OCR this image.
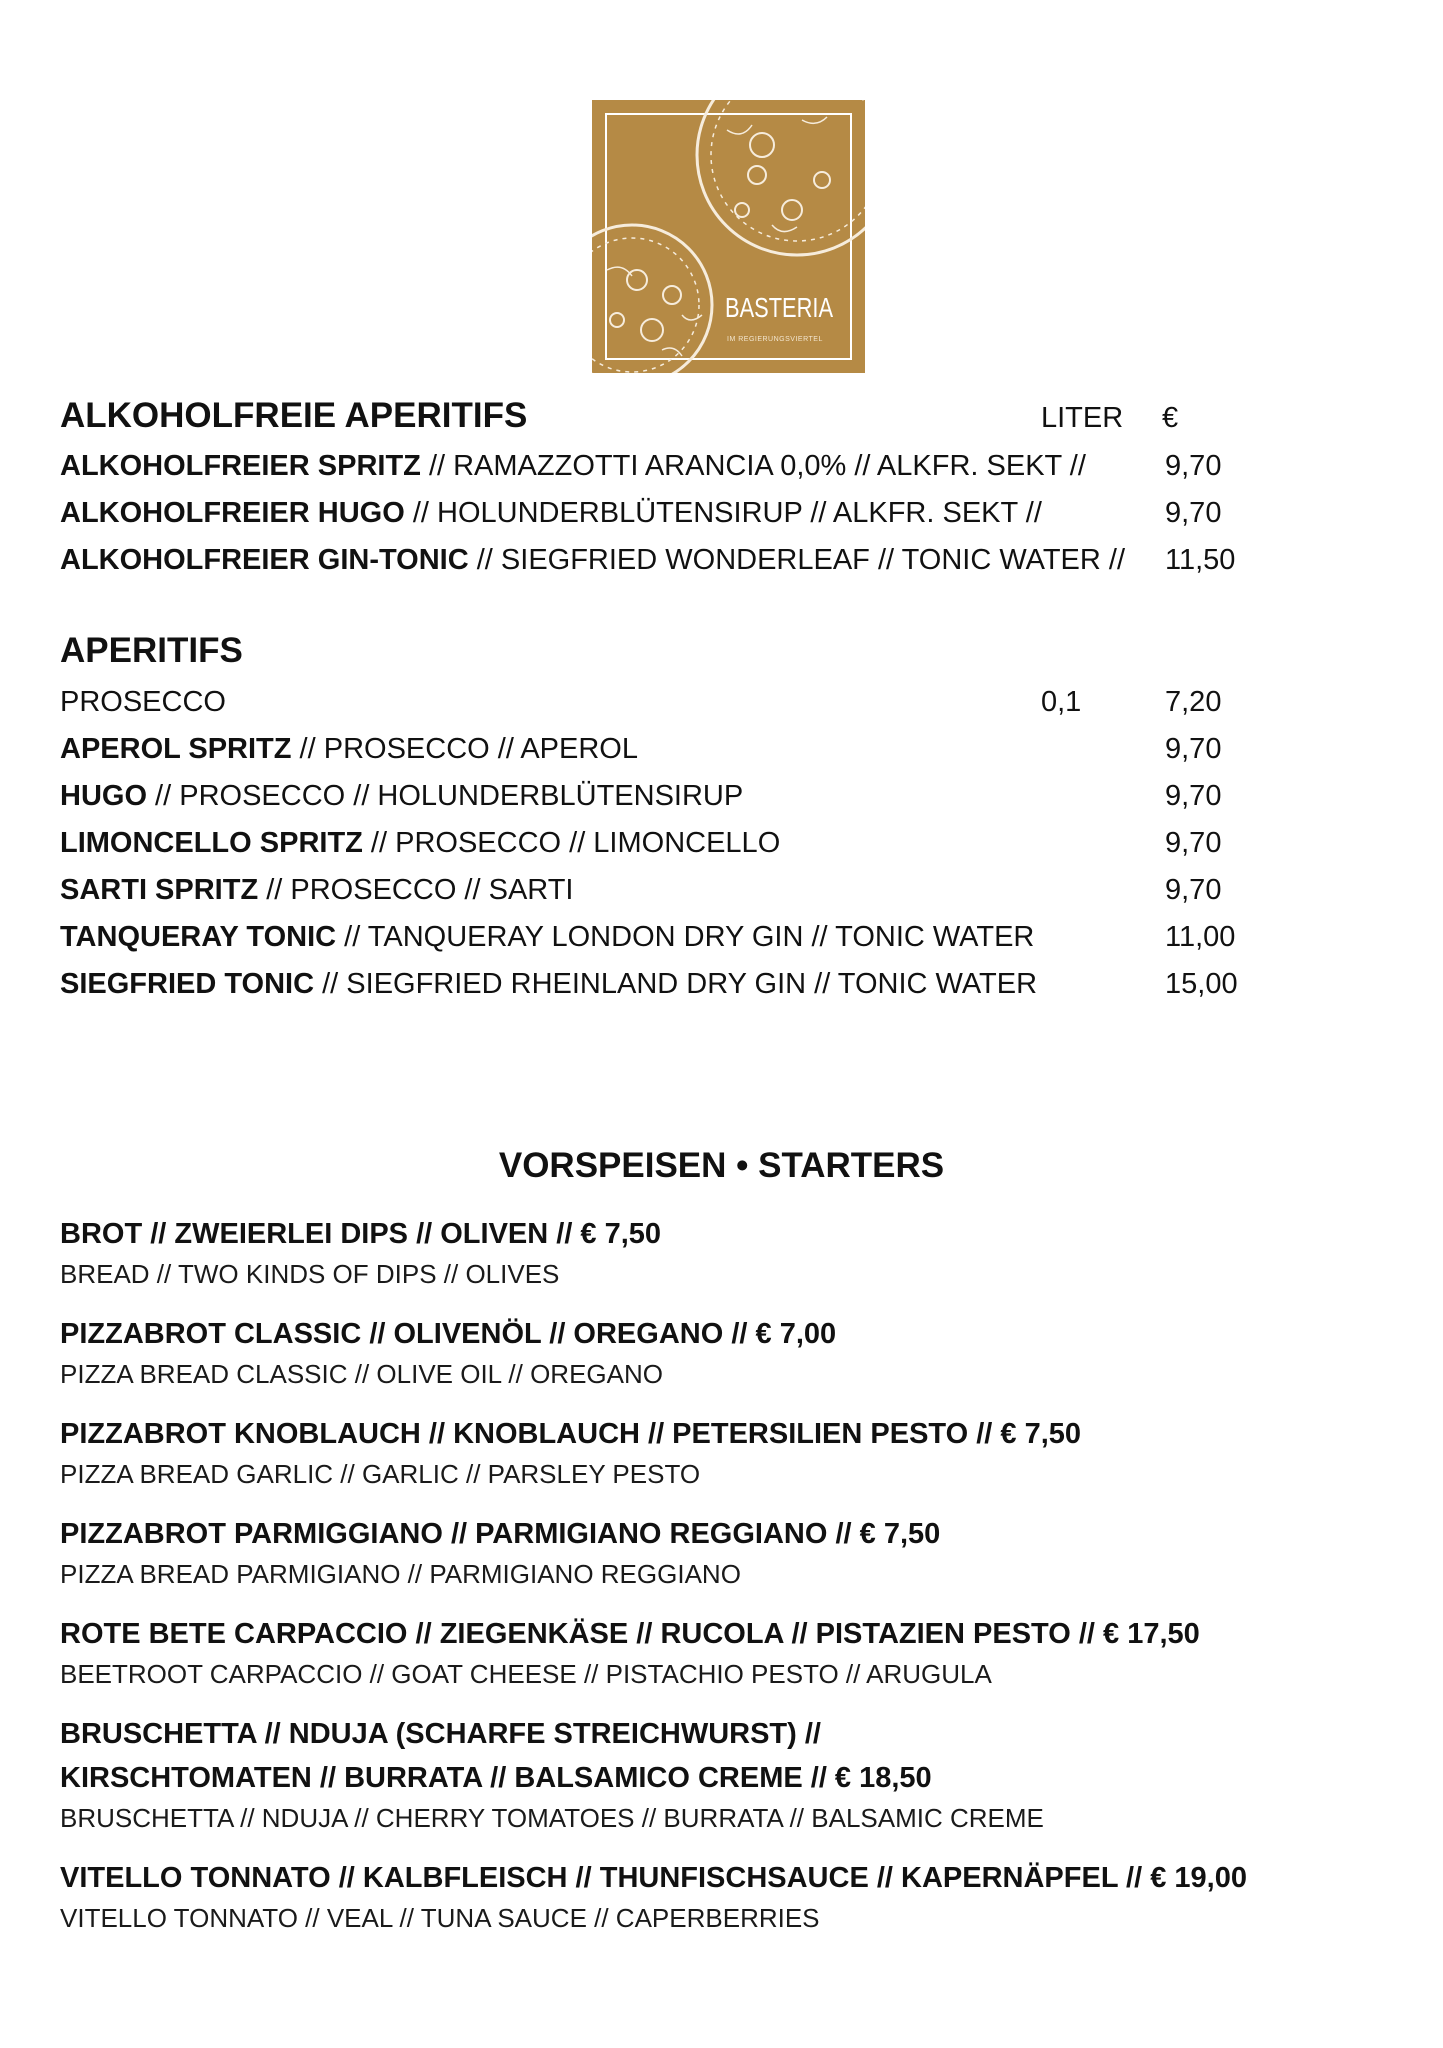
BASTERIA
IM REGIERUNGSVIERTEL
ALKOHOLFREIE APERITIFS	LITER €
ALKOHOLFREIER SPRITZ // RAMAZZOTTI ARANCIA 0,0% // ALKFR. SEKT //	9,70
ALKOHOLFREIER HUGO // HOLUNDERBLÜTENSIRUP // ALKFR. SEKT //	9,70
ALKOHOLFREIER GIN-TONIC // SIEGFRIED WONDERLEAF // TONIC WATER // 11,50
APERITIFS
PROSECCO	0,1	7,20
APEROL SPRITZ // PROSECCO // APEROL	9,70
HUGO // PROSECCO // HOLUNDERBLÜTENSIRUP	9,70
LIMONCELLO SPRITZ // PROSECCO // LIMONCELLO	9,70
SARTI SPRITZ // PROSECCO // SARTI	9,70
TANQUERAY TONIC // TANQUERAY LONDON DRY GIN // TONIC WATER	11,00
SIEGFRIED TONIC // SIEGFRIED RHEINLAND DRY GIN // TONIC WATER	15,00
VORSPEISEN • STARTERS
BROT // ZWEIERLEI DIPS // OLIVEN // € 7,50
BREAD // TWO KINDS OF DIPS // OLIVES
PIZZABROT CLASSIC // OLIVENÖL // OREGANO // € 7,00
PIZZA BREAD CLASSIC // OLIVE OIL // OREGANO
PIZZABROT KNOBLAUCH // KNOBLAUCH // PETERSILIEN PESTO // € 7,50
PIZZA BREAD GARLIC // GARLIC // PARSLEY PESTO
PIZZABROT PARMIGGIANO // PARMIGIANO REGGIANO // € 7,50
PIZZA BREAD PARMIGIANO // PARMIGIANO REGGIANO
ROTE BETE CARPACCIO // ZIEGENKÄSE // RUCOLA // PISTAZIEN PESTO // € 17,50
BEETROOT CARPACCIO // GOAT CHEESE // PISTACHIO PESTO // ARUGULA
BRUSCHETTA // NDUJA (SCHARFE STREICHWURST) //
KIRSCHTOMATEN // BURRATA // BALSAMICO CREME // € 18,50
BRUSCHETTA // NDUJA // CHERRY TOMATOES // BURRATA // BALSAMIC CREME
VITELLO TONNATO // KALBFLEISCH // THUNFISCHSAUCE // KAPERNÄPFEL // € 19,00
VITELLO TONNATO // VEAL // TUNA SAUCE // CAPERBERRIES
